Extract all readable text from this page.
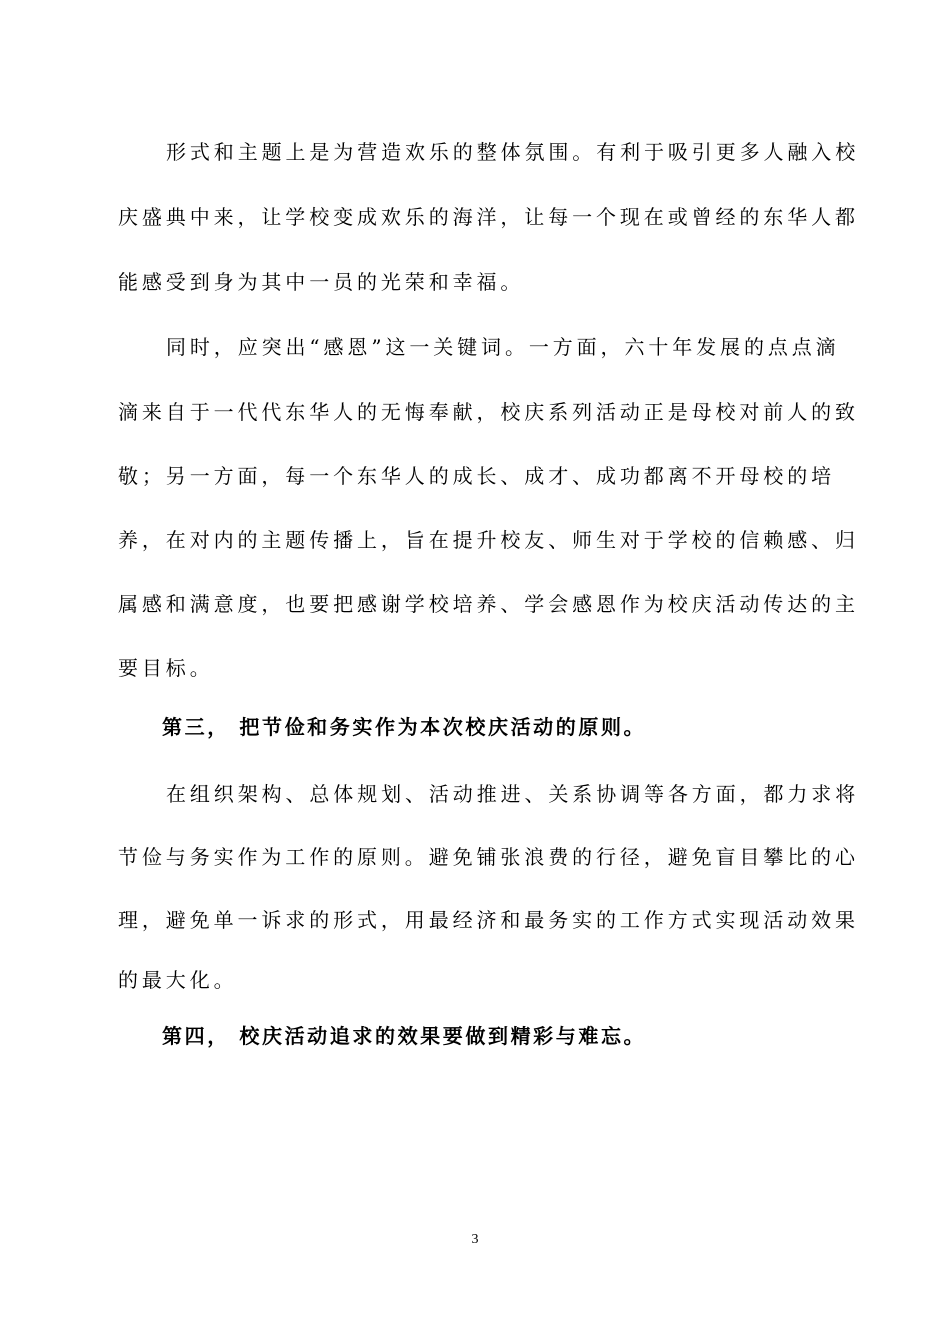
形式和主题上是为营造欢乐的整体氛围。有利于吸引更多人融入校
庆盛典中来，让学校变成欢乐的海洋，让每一个现在或曾经的东华人都
能感受到身为其中一员的光荣和幸福。
同时，应突出“感恩”这一关键词。一方面，六十年发展的点点滴
滴来自于一代代东华人的无悔奉献，校庆系列活动正是母校对前人的致
敬；另一方面，每一个东华人的成长、成才、成功都离不开母校的培
养，在对内的主题传播上，旨在提升校友、师生对于学校的信赖感、归
属感和满意度，也要把感谢学校培养、学会感恩作为校庆活动传达的主
要目标。
第三， 把节俭和务实作为本次校庆活动的原则。
在组织架构、总体规划、活动推进、关系协调等各方面，都力求将
节俭与务实作为工作的原则。避免铺张浪费的行径，避免盲目攀比的心
理，避免单一诉求的形式，用最经济和最务实的工作方式实现活动效果
的最大化。
第四， 校庆活动追求的效果要做到精彩与难忘。
3
